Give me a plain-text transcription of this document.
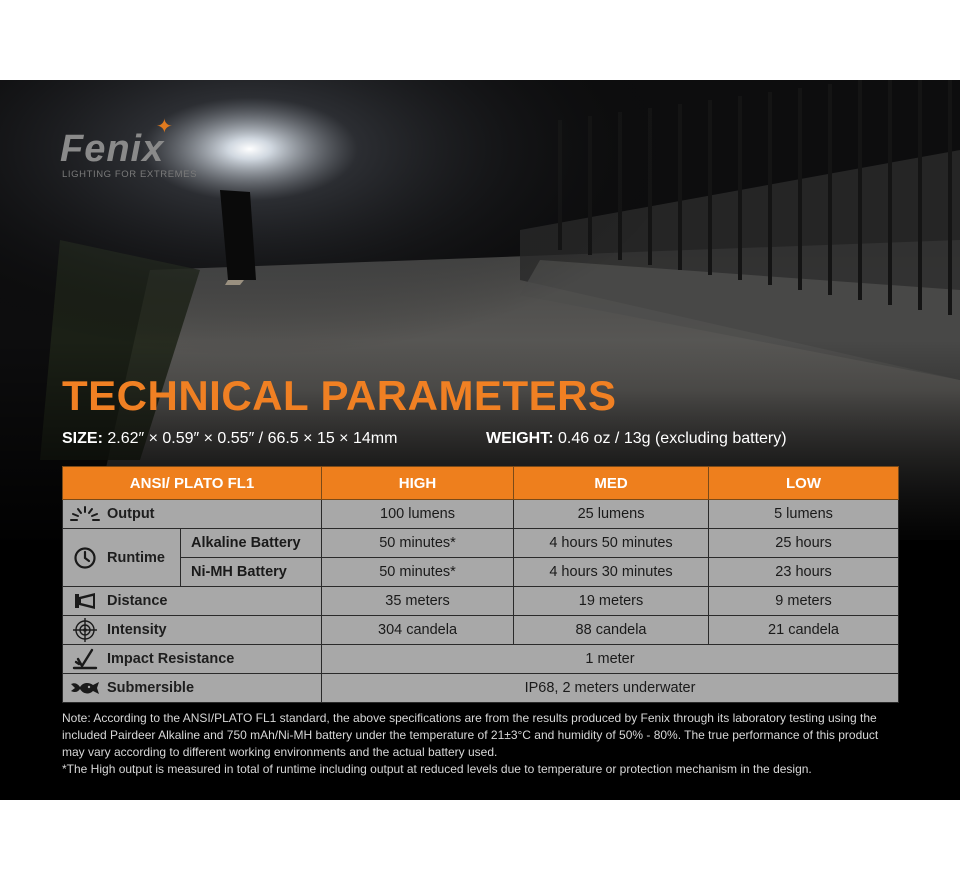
Fenix
✦
LIGHTING FOR EXTREMES
TECHNICAL PARAMETERS
SIZE: 2.62″ × 0.59″ × 0.55″ / 66.5 × 15 × 14mm	WEIGHT: 0.46 oz / 13g (excluding battery)
ANSI/ PLATO FL1		HIGH	MED	LOW

Output		100 lumens	25 lumens	5 lumens

Runtime	Alkaline Battery	50 minutes*	4 hours 50 minutes	25 hours
	Ni-MH Battery	50 minutes*	4 hours 30 minutes	23 hours

Distance		35 meters	19 meters	9 meters

Intensity		304 candela	88 candela	21 candela

Impact Resistance		1 meter		

Submersible		IP68, 2 meters underwater		

Note: According to the ANSI/PLATO FL1 standard, the above specifications are from the results produced by Fenix through its laboratory testing using the included Pairdeer Alkaline and 750 mAh/Ni-MH battery under the temperature of 21±3°C and humidity of 50% - 80%. The true performance of this product may vary according to different working environments and the actual battery used.

*The High output is measured in total of runtime including output at reduced levels due to temperature or protection mechanism in the design.
